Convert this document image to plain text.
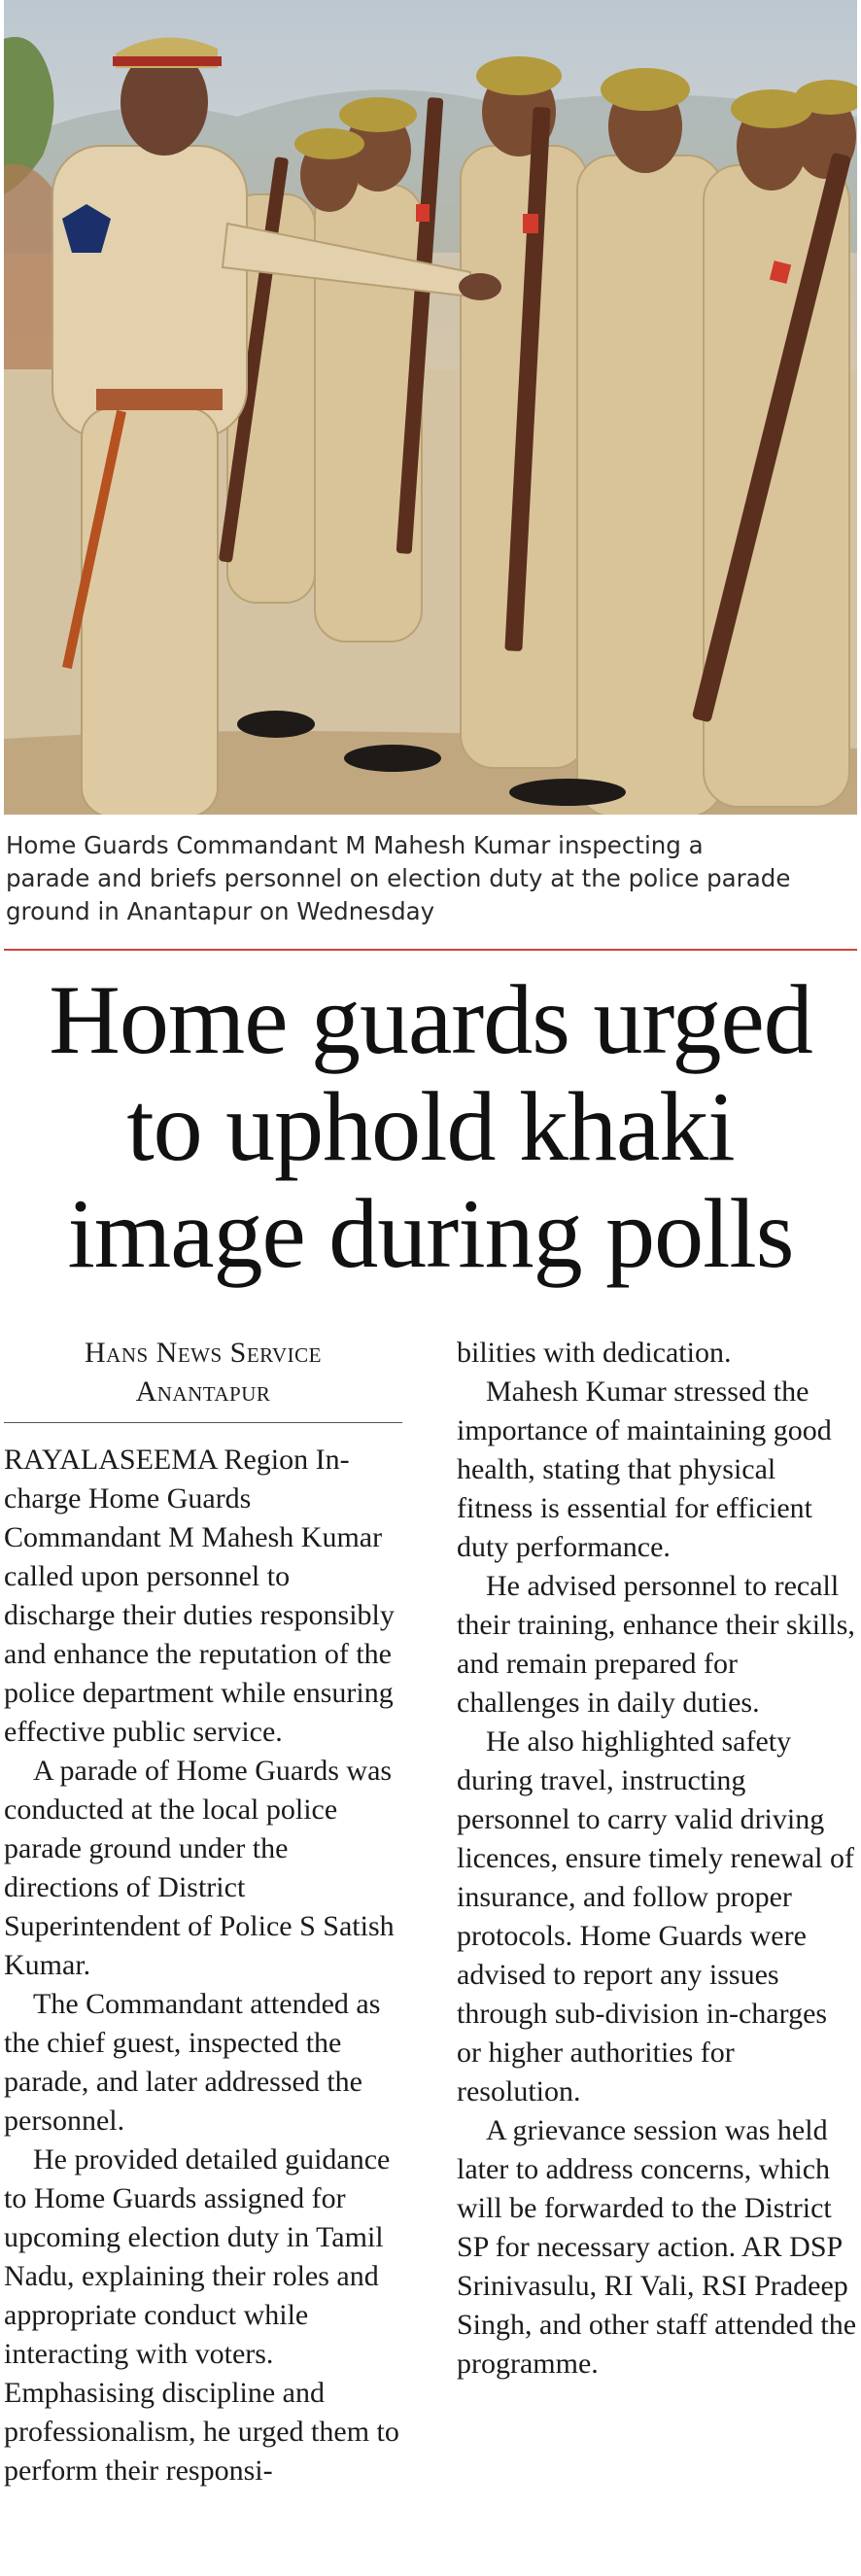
Home Guards Commandant M Mahesh Kumar inspecting a parade and briefs personnel on election duty at the police parade ground in Anantapur on Wednesday

Home guards urged
to uphold khaki
image during polls

Hans News Service

Anantapur

RAYALASEEMA Region In-charge Home Guards Commandant M Mahesh Kumar called upon personnel to discharge their duties responsibly and enhance the reputation of the police department while ensuring effective public service.

A parade of Home Guards was conducted at the local police parade ground under the directions of District Superintendent of Police S Satish Kumar.

The Commandant attended as the chief guest, inspected the parade, and later addressed the personnel.

He provided detailed guidance to Home Guards assigned for upcoming election duty in Tamil Nadu, explaining their roles and appropriate conduct while interacting with voters. Emphasising discipline and professionalism, he urged them to perform their responsi-

bilities with dedication.

Mahesh Kumar stressed the importance of maintaining good health, stating that physical fitness is essential for efficient duty performance.

He advised personnel to recall their training, enhance their skills, and remain prepared for challenges in daily duties.

He also highlighted safety during travel, instructing personnel to carry valid driving licences, ensure timely renewal of insurance, and follow proper protocols. Home Guards were advised to report any issues through sub-division in-charges or higher authorities for resolution.

A grievance session was held later to address concerns, which will be forwarded to the District SP for necessary action. AR DSP Srinivasulu, RI Vali, RSI Pradeep Singh, and other staff attended the programme.
